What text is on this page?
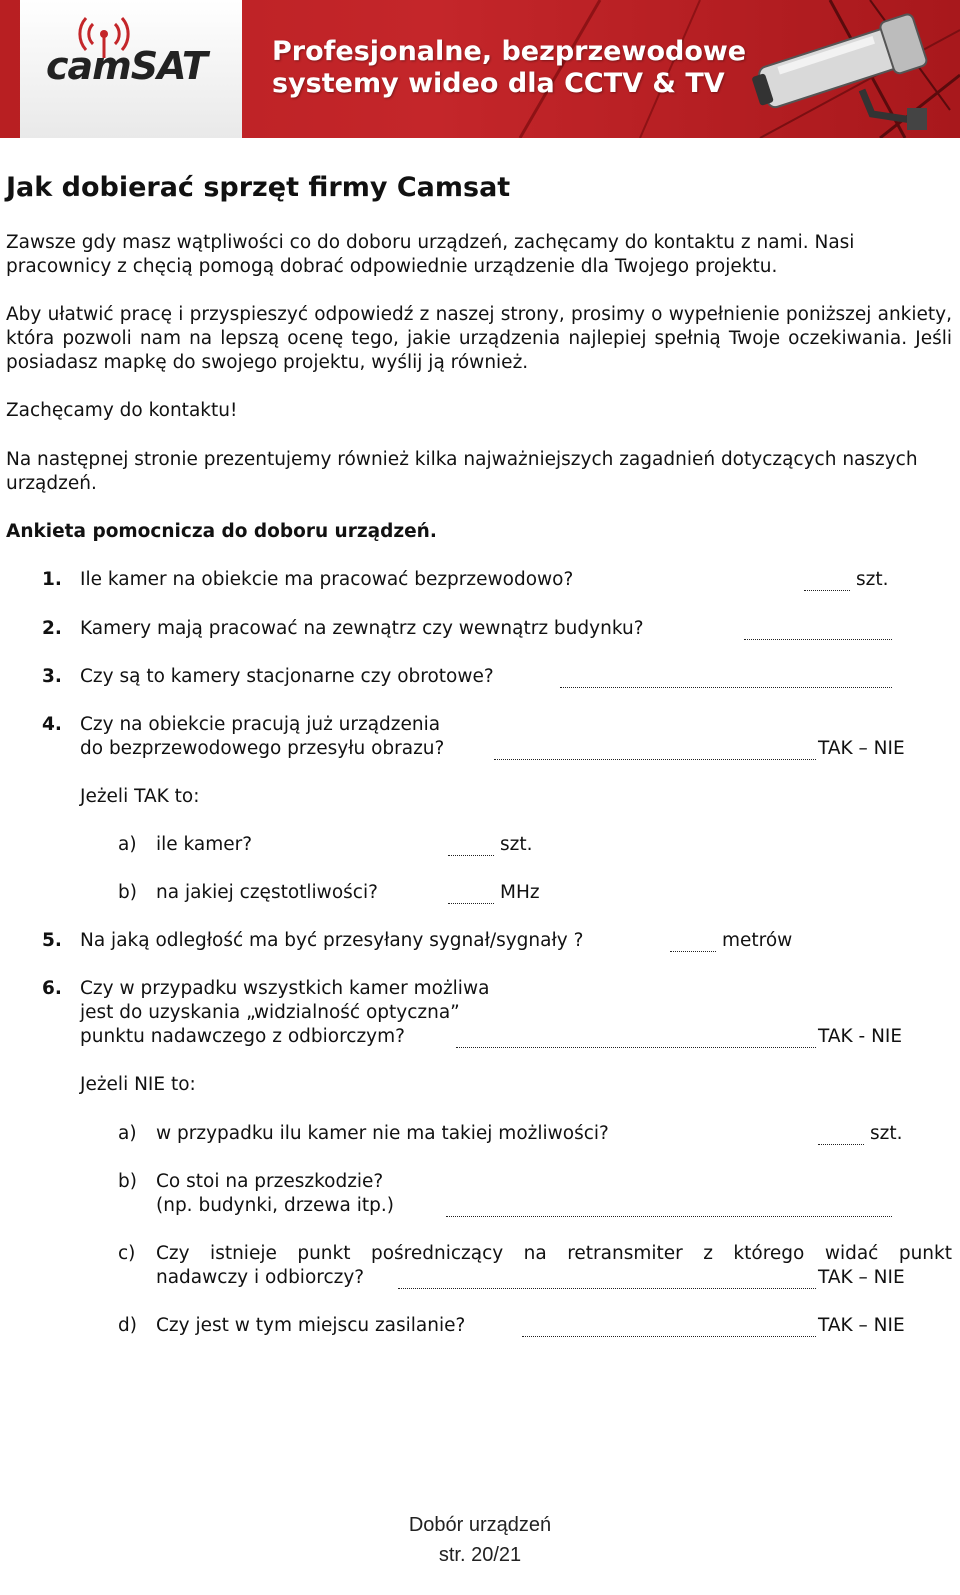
camSAT Profesjonalne, bezprzewodowe
systemy wideo dla CCTV & TV
Jak dobierać sprzęt firmy Camsat

Zawsze gdy masz wątpliwości co do doboru urządzeń, zachęcamy do kontaktu z nami. Nasi pracownicy z chęcią pomogą dobrać odpowiednie urządzenie dla Twojego projektu.

Aby ułatwić pracę i przyspieszyć odpowiedź z naszej strony, prosimy o wypełnienie poniższej ankiety, która pozwoli nam na lepszą ocenę tego, jakie urządzenia najlepiej spełnią Twoje oczekiwania. Jeśli posiadasz mapkę do swojego projektu, wyślij ją również.

Zachęcamy do kontaktu!

Na następnej stronie prezentujemy również kilka najważniejszych zagadnień dotyczących naszych urządzeń.

Ankieta pomocnicza do doboru urządzeń.

1. Ile kamer na obiekcie ma pracować bezprzewodowo?	szt.
2. Kamery mają pracować na zewnątrz czy wewnątrz budynku?
3. Czy są to kamery stacjonarne czy obrotowe?
4. Czy na obiekcie pracują już urządzenia
do bezprzewodowego przesyłu obrazu?	TAK – NIE
Jeżeli TAK to:
a) ile kamer?	szt.
b) na jakiej częstotliwości?	MHz
5. Na jaką odległość ma być przesyłany sygnał/sygnały ?	metrów
6. Czy w przypadku wszystkich kamer możliwa
jest do uzyskania „widzialność optyczna”
punktu nadawczego z odbiorczym?	TAK - NIE
Jeżeli NIE to:
a) w przypadku ilu kamer nie ma takiej możliwości?	szt.
b) Co stoi na przeszkodzie?
(np. budynki, drzewa itp.)
c) Czy istnieje punkt pośredniczący na retransmiter z którego widać punkt
nadawczy i odbiorczy?	TAK – NIE
d) Czy jest w tym miejscu zasilanie?	TAK – NIE
Dobór urządzeń
str. 20/21
